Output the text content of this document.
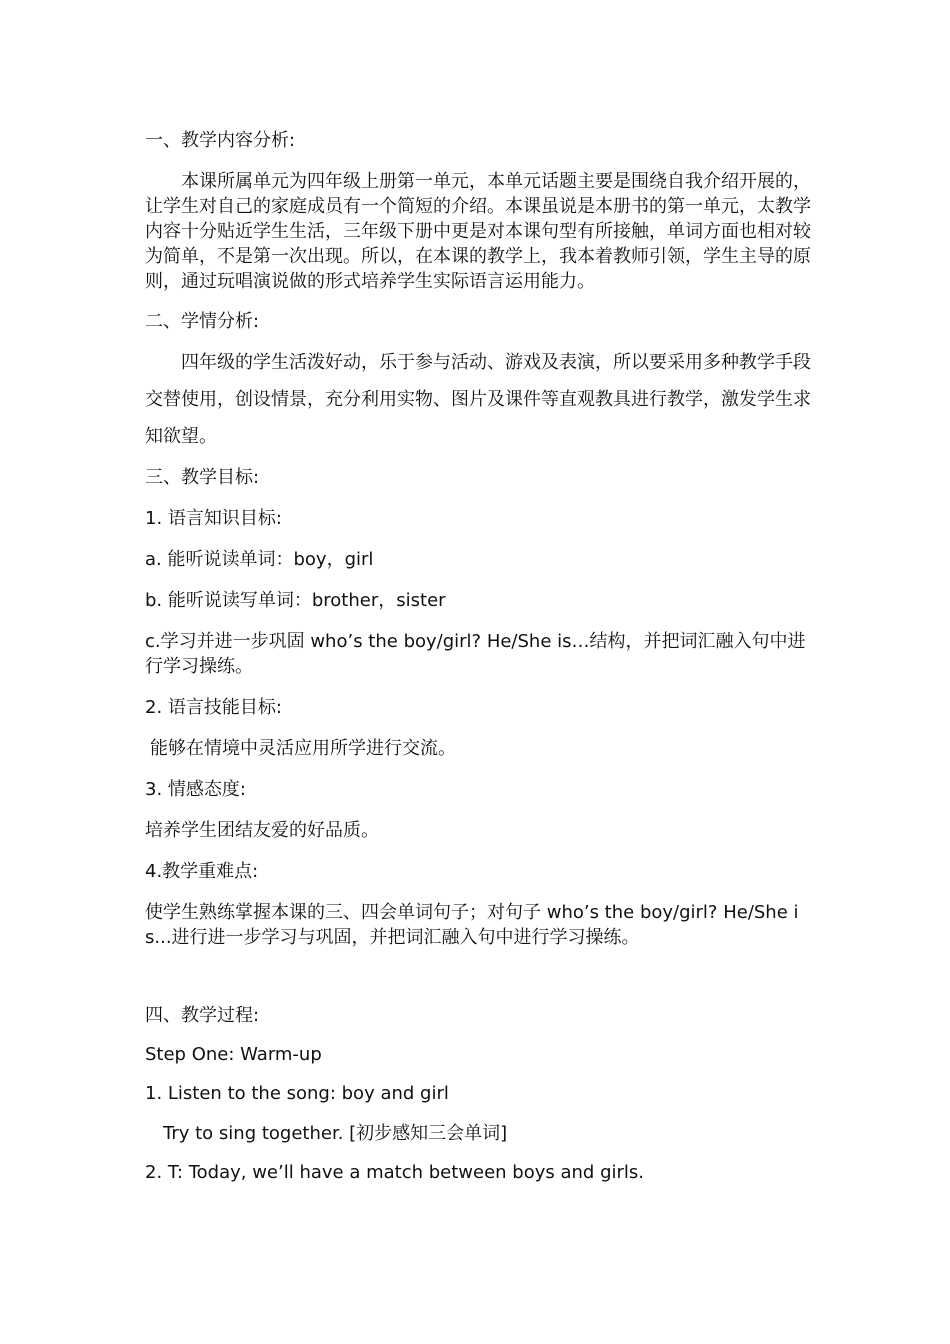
一、教学内容分析:

本课所属单元为四年级上册第一单元，本单元话题主要是围绕自我介绍开展的，让学生对自己的家庭成员有一个简短的介绍。本课虽说是本册书的第一单元，太教学内容十分贴近学生生活，三年级下册中更是对本课句型有所接触，单词方面也相对较为简单，不是第一次出现。所以，在本课的教学上，我本着教师引领，学生主导的原则，通过玩唱演说做的形式培养学生实际语言运用能力。

二、学情分析:

四年级的学生活泼好动，乐于参与活动、游戏及表演，所以要采用多种教学手段交替使用，创设情景，充分利用实物、图片及课件等直观教具进行教学，激发学生求知欲望。

三、教学目标:

1. 语言知识目标:

a. 能听说读单词：boy，girl

b. 能听说读写单词：brother，sister

c.学习并进一步巩固 who’s the boy/girl? He/She is…结构，并把词汇融入句中进行学习操练。

2. 语言技能目标:

能够在情境中灵活应用所学进行交流。

3. 情感态度:

培养学生团结友爱的好品质。

4.教学重难点:

使学生熟练掌握本课的三、四会单词句子；对句子 who’s the boy/girl? He/She is...进行进一步学习与巩固，并把词汇融入句中进行学习操练。

四、教学过程:

Step One: Warm-up

1. Listen to the song: boy and girl

Try to sing together. [初步感知三会单词]

2. T: Today, we’ll have a match between boys and girls.
